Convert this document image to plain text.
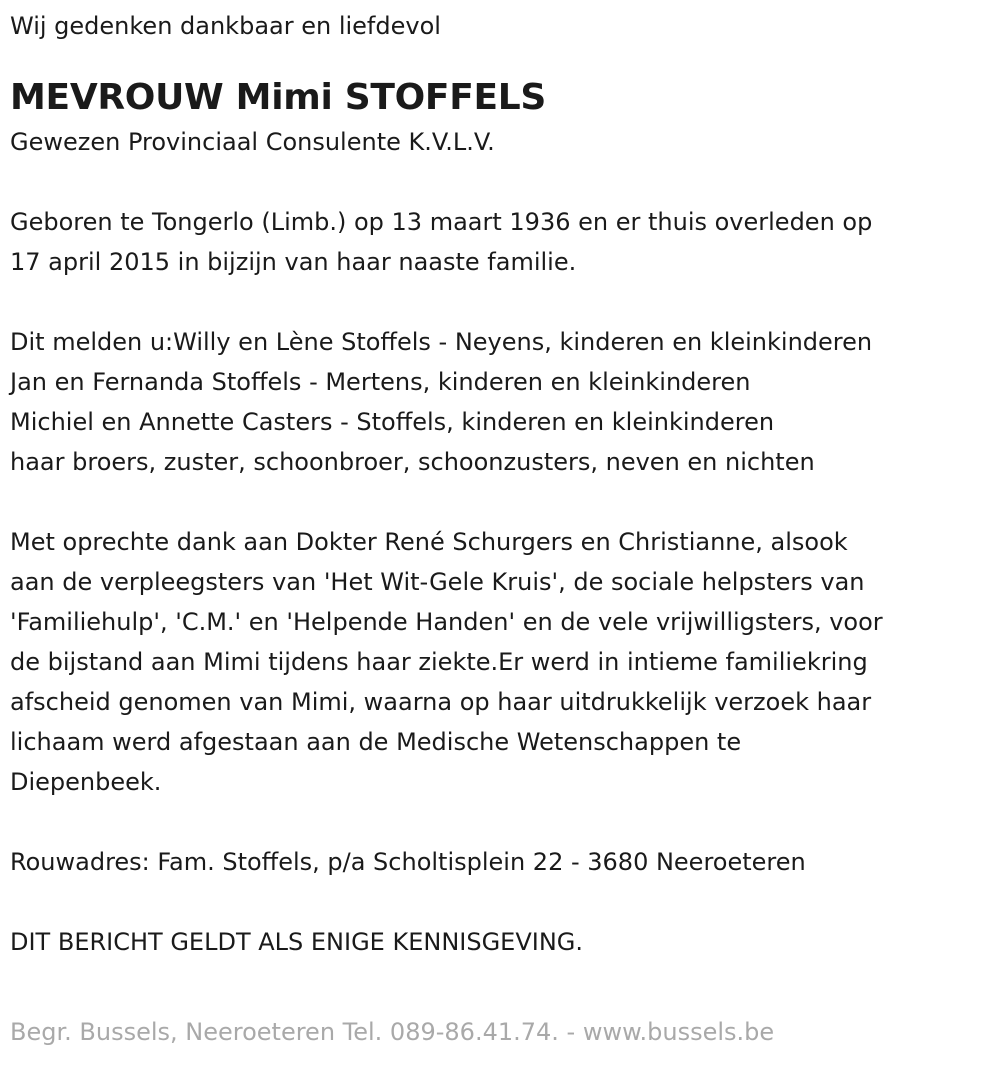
Wij gedenken dankbaar en liefdevol
MEVROUW Mimi STOFFELS
Gewezen Provinciaal Consulente K.V.L.V.
Geboren te Tongerlo (Limb.) op 13 maart 1936 en er thuis overleden op
17 april 2015 in bijzijn van haar naaste familie.
Dit melden u:Willy en Lène Stoffels - Neyens, kinderen en kleinkinderen
Jan en Fernanda Stoffels - Mertens, kinderen en kleinkinderen
Michiel en Annette Casters - Stoffels, kinderen en kleinkinderen
haar broers, zuster, schoonbroer, schoonzusters, neven en nichten
Met oprechte dank aan Dokter René Schurgers en Christianne, alsook
aan de verpleegsters van 'Het Wit-Gele Kruis', de sociale helpsters van
'Familiehulp', 'C.M.' en 'Helpende Handen' en de vele vrijwilligsters, voor
de bijstand aan Mimi tijdens haar ziekte.Er werd in intieme familiekring
afscheid genomen van Mimi, waarna op haar uitdrukkelijk verzoek haar
lichaam werd afgestaan aan de Medische Wetenschappen te
Diepenbeek.
Rouwadres: Fam. Stoffels, p/a Scholtisplein 22 - 3680 Neeroeteren
DIT BERICHT GELDT ALS ENIGE KENNISGEVING.
Begr. Bussels, Neeroeteren Tel. 089-86.41.74. - www.bussels.be
